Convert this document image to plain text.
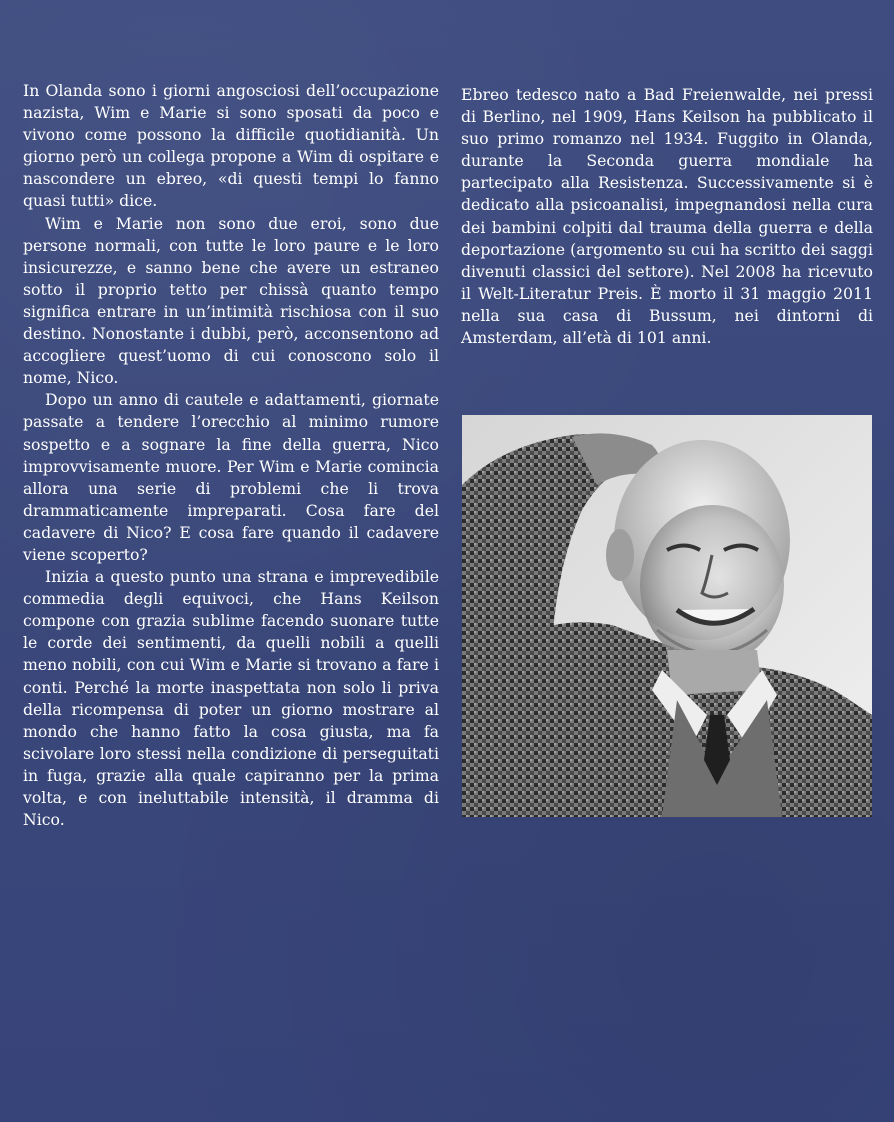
In Olanda sono i giorni angosciosi dell’occupazione nazista, Wim e Marie si sono sposati da poco e vivono come possono la difficile quotidianità. Un giorno però un collega propone a Wim di ospitare e nascondere un ebreo, «di questi tempi lo fanno quasi tutti» dice.

Wim e Marie non sono due eroi, sono due persone normali, con tutte le loro paure e le loro insicurezze, e sanno bene che avere un estraneo sotto il proprio tetto per chissà quanto tempo significa entrare in un’intimità rischiosa con il suo destino. Nonostante i dubbi, però, acconsentono ad accogliere quest’uomo di cui conoscono solo il nome, Nico.

Dopo un anno di cautele e adattamenti, giornate passate a tendere l’orecchio al minimo rumore sospetto e a sognare la fine della guerra, Nico improvvisamente muore. Per Wim e Marie comincia allora una serie di problemi che li trova drammaticamente impreparati. Cosa fare del cadavere di Nico? E cosa fare quando il cadavere viene scoperto?

Inizia a questo punto una strana e imprevedibile commedia degli equivoci, che Hans Keilson compone con grazia sublime facendo suonare tutte le corde dei sentimenti, da quelli nobili a quelli meno nobili, con cui Wim e Marie si trovano a fare i conti. Perché la morte inaspettata non solo li priva della ricompensa di poter un giorno mostrare al mondo che hanno fatto la cosa giusta, ma fa scivolare loro stessi nella condizione di perseguitati in fuga, grazie alla quale capiranno per la prima volta, e con ineluttabile intensità, il dramma di Nico.

Ebreo tedesco nato a Bad Freienwalde, nei pressi di Berlino, nel 1909, Hans Keilson ha pubblicato il suo primo romanzo nel 1934. Fuggito in Olanda, durante la Seconda guerra mondiale ha partecipato alla Resistenza. Successivamente si è dedicato alla psicoanalisi, impegnandosi nella cura dei bambini colpiti dal trauma della guerra e della deportazione (argomento su cui ha scritto dei saggi divenuti classici del settore). Nel 2008 ha ricevuto il Welt-Literatur Preis. È morto il 31 maggio 2011 nella sua casa di Bussum, nei dintorni di Amsterdam, all’età di 101 anni.
